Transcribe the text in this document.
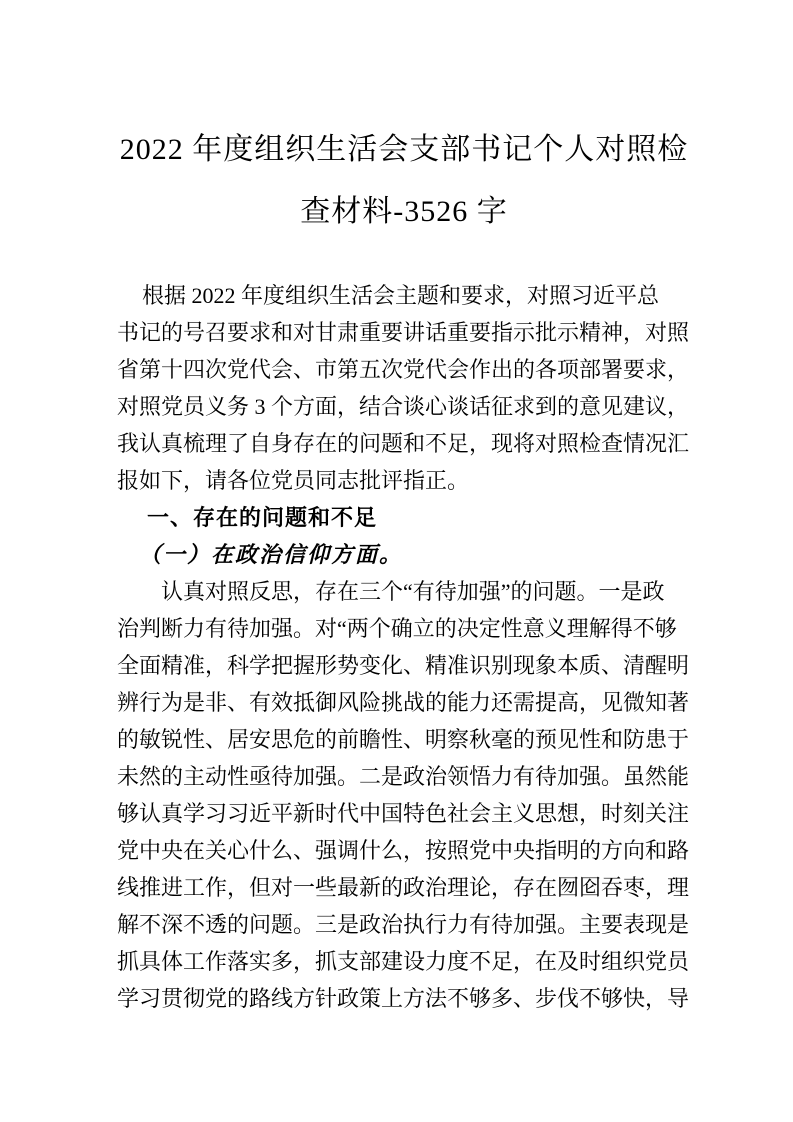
2022 年度组织生活会支部书记个人对照检
查材料-3526 字
根据 2022 年度组织生活会主题和要求，对照习近平总
书记的号召要求和对甘肃重要讲话重要指示批示精神，对照
省第十四次党代会、市第五次党代会作出的各项部署要求，
对照党员义务 3 个方面，结合谈心谈话征求到的意见建议，
我认真梳理了自身存在的问题和不足，现将对照检查情况汇
报如下，请各位党员同志批评指正。
一、存在的问题和不足
（一）在政治信仰方面。
认真对照反思，存在三个“有待加强”的问题。一是政
治判断力有待加强。对“两个确立的决定性意义理解得不够
全面精准，科学把握形势变化、精准识别现象本质、清醒明
辨行为是非、有效抵御风险挑战的能力还需提高，见微知著
的敏锐性、居安思危的前瞻性、明察秋毫的预见性和防患于
未然的主动性亟待加强。二是政治领悟力有待加强。虽然能
够认真学习习近平新时代中国特色社会主义思想，时刻关注
党中央在关心什么、强调什么，按照党中央指明的方向和路
线推进工作，但对一些最新的政治理论，存在囫囵吞枣，理
解不深不透的问题。三是政治执行力有待加强。主要表现是
抓具体工作落实多，抓支部建设力度不足，在及时组织党员
学习贯彻党的路线方针政策上方法不够多、步伐不够快，导
